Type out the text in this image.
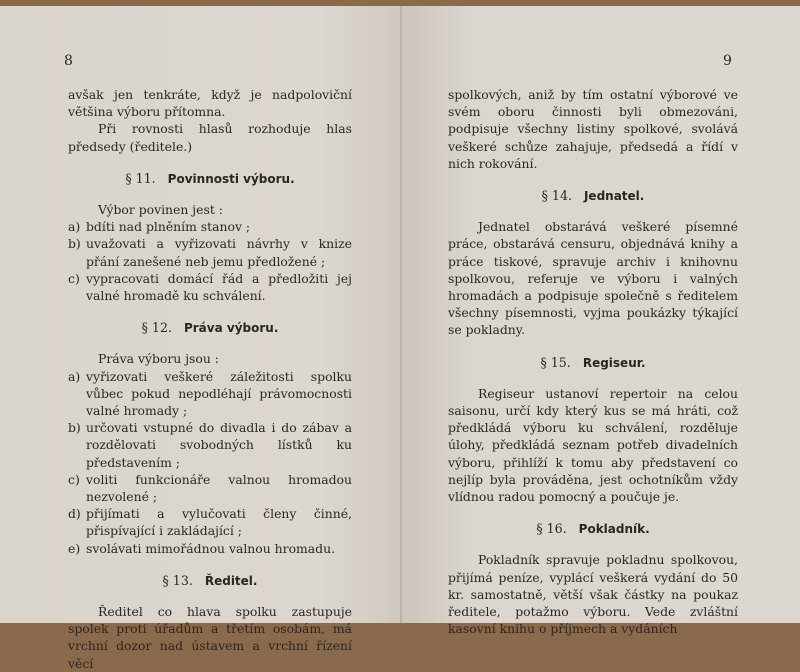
8

avšak jen tenkráte, když je nadpoloviční většina výboru přítomna.

Při rovnosti hlasů rozhoduje hlas předsedy (ředitele.)

§ 11. Povinnosti výboru.

Výbor povinen jest :

a) bdíti nad plněním stanov ;
b) uvažovati a vyřizovati návrhy v knize přání zanešené neb jemu předložené ;
c) vypracovati domácí řád a předložiti jej valné hromadě ku schválení.
§ 12. Práva výboru.

Práva výboru jsou :

a) vyřizovati veškeré záležitosti spolku vůbec pokud nepodléhají právomocnosti valné hromady ;
b) určovati vstupné do divadla i do zábav a rozdělovati svobodných lístků ku představením ;
c) voliti funkcionáře valnou hromadou nezvolené ;
d) přijímati a vylučovati členy činné, přispívající i zakládající ;
e) svolávati mimořádnou valnou hromadu.
§ 13. Ředitel.

Ředitel co hlava spolku zastupuje spolek proti úřadům a třetím osobám, má vrchní dozor nad ústavem a vrchní řízení věcí

9

spolkových, aniž by tím ostatní výborové ve svém oboru činnosti byli obmezováni, podpisuje všechny listiny spolkové, svolává veškeré schůze zahajuje, předsedá a řídí v nich rokování.

§ 14. Jednatel.

Jednatel obstarává veškeré písemné práce, obstarává censuru, objednává knihy a práce tiskové, spravuje archiv i knihovnu spolkovou, referuje ve výboru i valných hromadách a podpisuje společně s ředitelem všechny písemnosti, vyjma poukázky týkající se pokladny.

§ 15. Regiseur.

Regiseur ustanoví repertoir na celou saisonu, určí kdy který kus se má hráti, což předkládá výboru ku schválení, rozděluje úlohy, předkládá seznam potřeb divadelních výboru, přihlíží k tomu aby představení co nejlíp byla prováděna, jest ochotníkům vždy vlídnou radou pomocný a poučuje je.

§ 16. Pokladník.

Pokladník spravuje pokladnu spolkovou, přijímá peníze, vyplácí veškerá vydání do 50 kr. samostatně, větší však částky na poukaz ředitele, potažmo výboru. Vede zvláštní kasovní knihu o příjmech a vydáních
